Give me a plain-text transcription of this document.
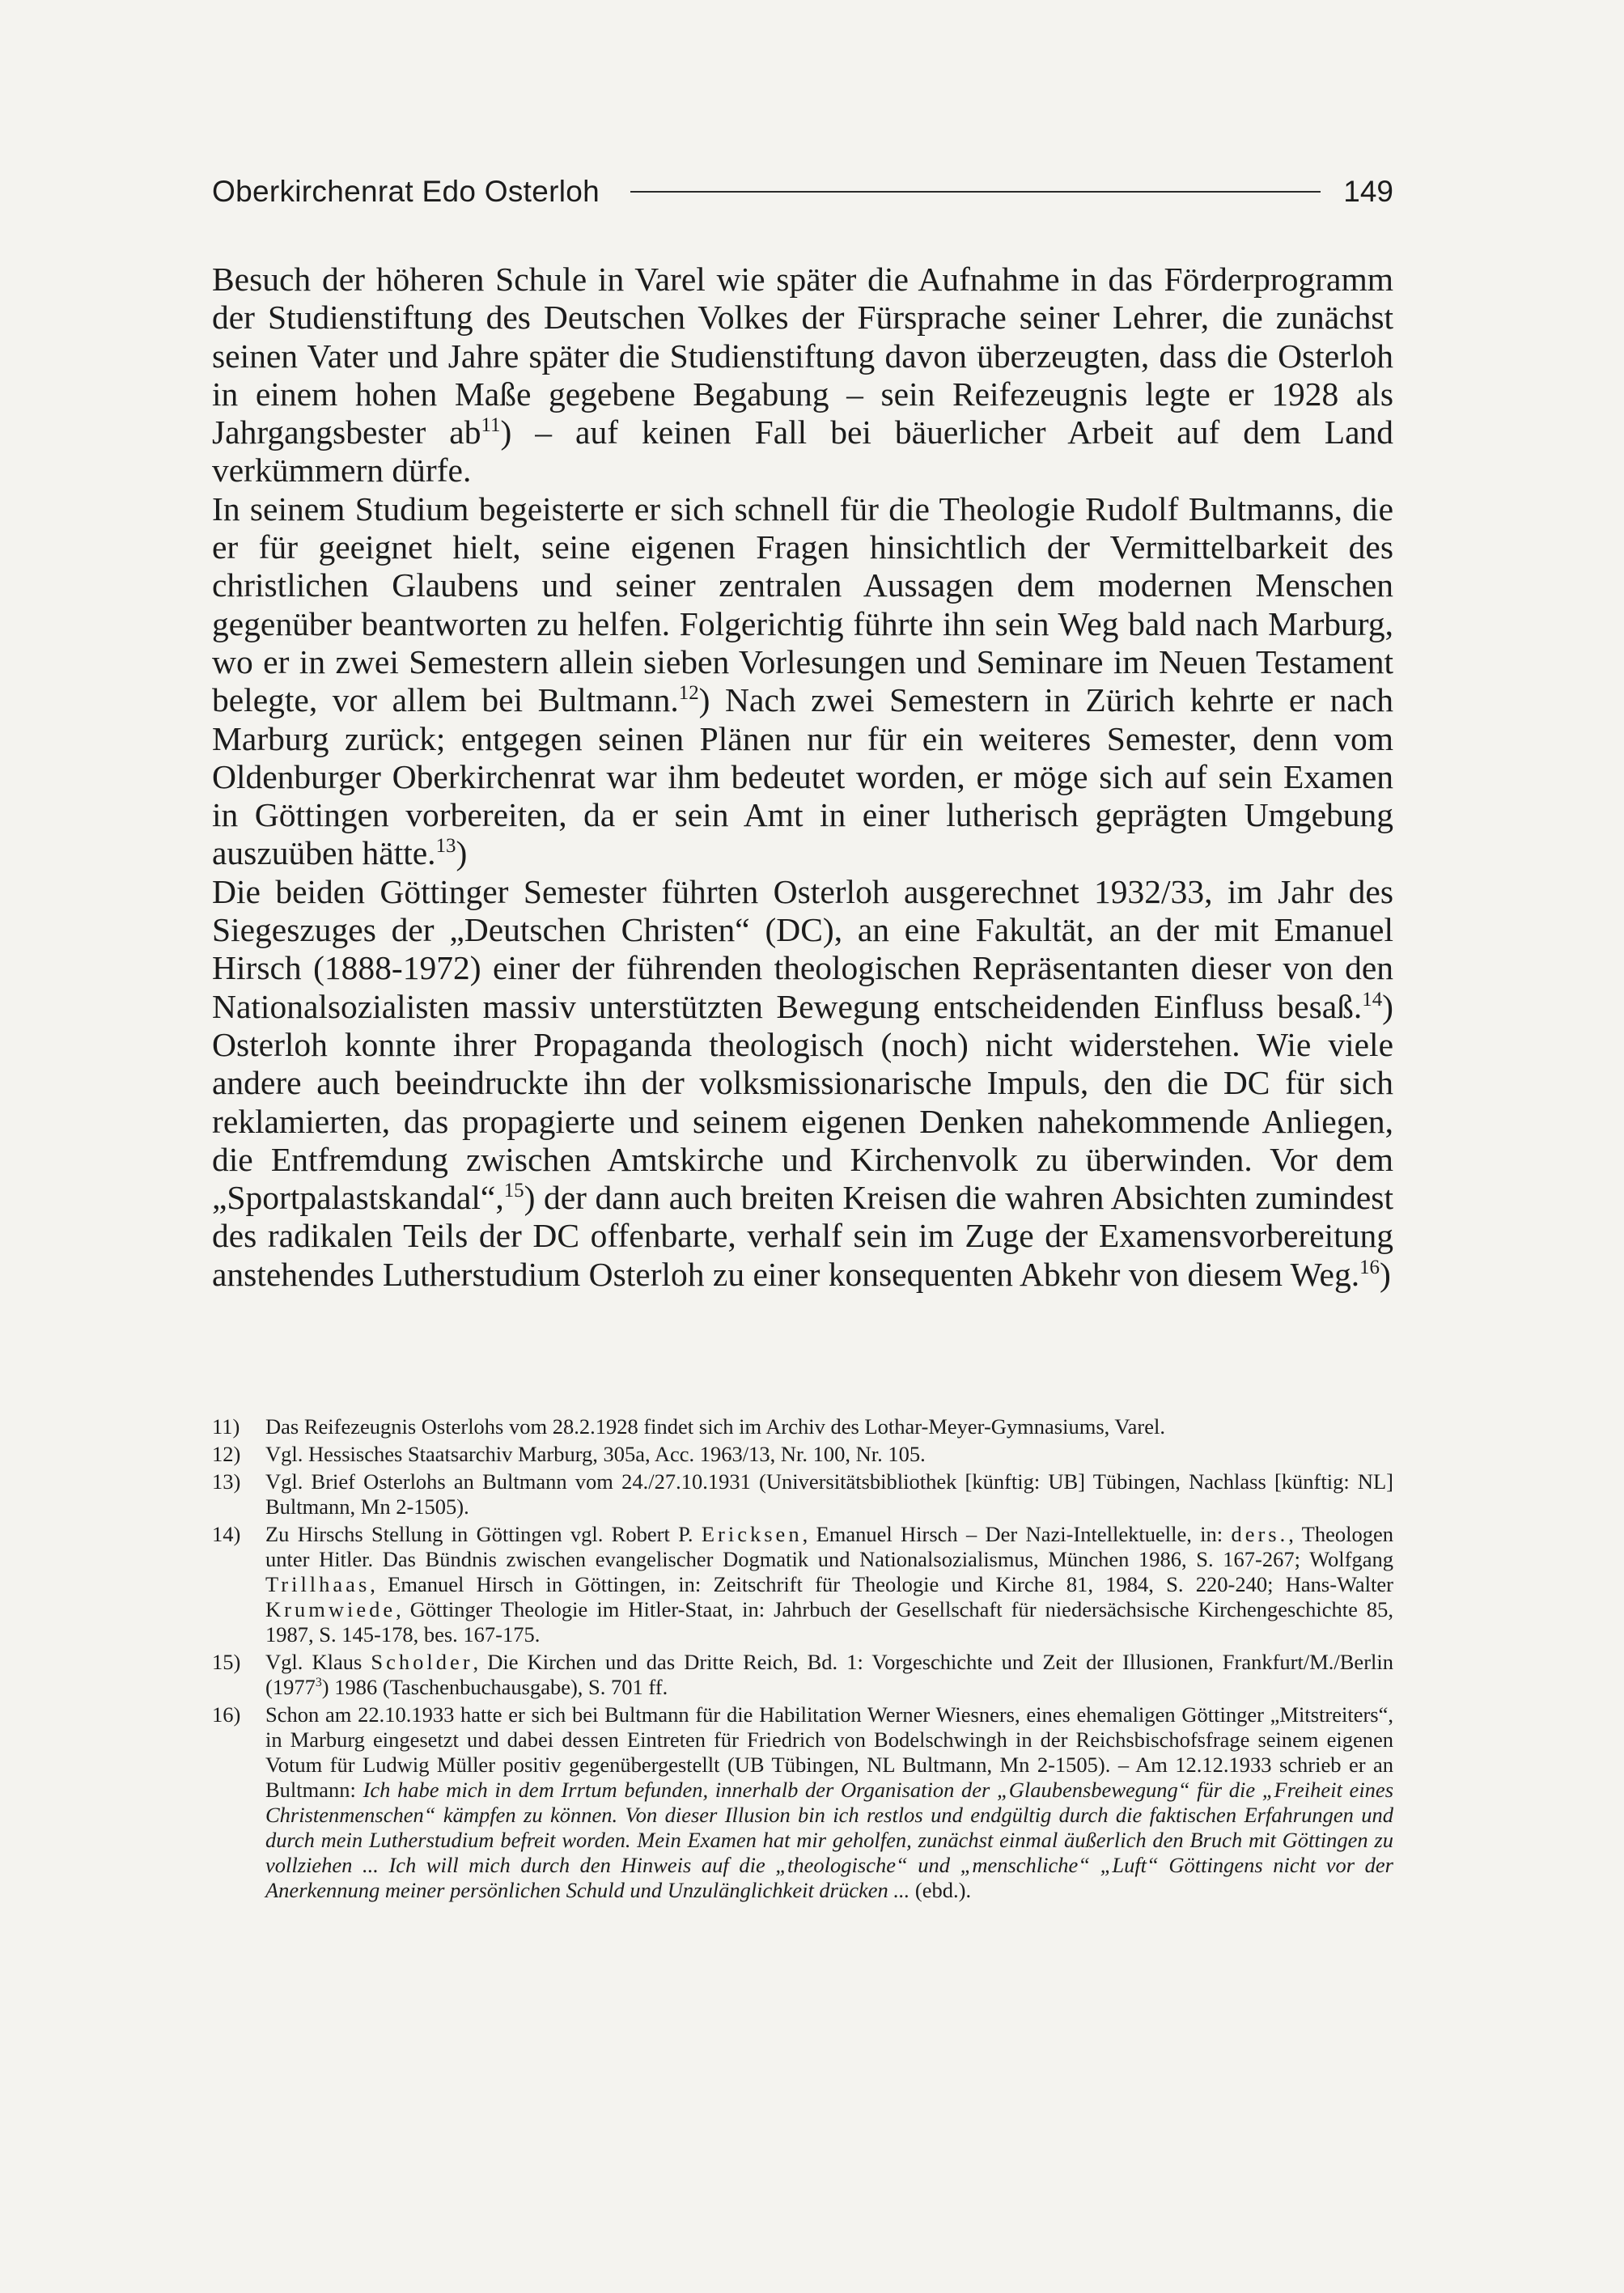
Oberkirchenrat Edo Osterloh	149

Besuch der höheren Schule in Varel wie später die Aufnahme in das Förderprogramm der Studienstiftung des Deutschen Volkes der Fürsprache seiner Lehrer, die zunächst seinen Vater und Jahre später die Studienstiftung davon überzeugten, dass die Osterloh in einem hohen Maße gegebene Begabung – sein Reifezeugnis legte er 1928 als Jahrgangsbester $ab^{11}$) – auf keinen Fall bei bäuerlicher Arbeit auf dem Land verkümmern dürfe.

In seinem Studium begeisterte er sich schnell für die Theologie Rudolf Bultmanns, die er für geeignet hielt, seine eigenen Fragen hinsichtlich der Vermittelbarkeit des christlichen Glaubens und seiner zentralen Aussagen dem modernen Menschen gegenüber beantworten zu helfen. Folgerichtig führte ihn sein Weg bald nach Marburg, wo er in zwei Semestern allein sieben Vorlesungen und Seminare im Neuen Testament belegte, vor allem bei Bultmann.$^{12}$) Nach zwei Semestern in Zürich kehrte er nach Marburg zurück; entgegen seinen Plänen nur für ein weiteres Semester, denn vom Oldenburger Oberkirchenrat war ihm bedeutet worden, er möge sich auf sein Examen in Göttingen vorbereiten, da er sein Amt in einer lutherisch geprägten Umgebung auszuüben hätte.$^{13}$)

Die beiden Göttinger Semester führten Osterloh ausgerechnet 1932/33, im Jahr des Siegeszuges der „Deutschen Christen“ (DC), an eine Fakultät, an der mit Emanuel Hirsch (1888-1972) einer der führenden theologischen Repräsentanten dieser von den Nationalsozialisten massiv unterstützten Bewegung entscheidenden Einfluss besaß.$^{14}$) Osterloh konnte ihrer Propaganda theologisch (noch) nicht widerstehen. Wie viele andere auch beeindruckte ihn der volksmissionarische Impuls, den die DC für sich reklamierten, das propagierte und seinem eigenen Denken nahekommende Anliegen, die Entfremdung zwischen Amtskirche und Kirchenvolk zu überwinden. Vor dem „Sportpalastskandal“,$^{15}$) der dann auch breiten Kreisen die wahren Absichten zumindest des radikalen Teils der DC offenbarte, verhalf sein im Zuge der Examensvorbereitung anstehendes Lutherstudium Osterloh zu einer konsequenten Abkehr von diesem Weg.$^{16}$)

11)	Das Reifezeugnis Osterlohs vom 28.2.1928 findet sich im Archiv des Lothar-Meyer-Gymnasiums, Varel.
12)	Vgl. Hessisches Staatsarchiv Marburg, 305a, Acc. 1963/13, Nr. 100, Nr. 105.
13)	Vgl. Brief Osterlohs an Bultmann vom 24./27.10.1931 (Universitätsbibliothek [künftig: UB] Tübingen, Nachlass [künftig: NL] Bultmann, Mn 2-1505).
14)	Zu Hirschs Stellung in Göttingen vgl. Robert P. Ericksen, Emanuel Hirsch – Der Nazi-Intellektuelle, in: ders., Theologen unter Hitler. Das Bündnis zwischen evangelischer Dogmatik und Nationalsozialismus, München 1986, S. 167-267; Wolfgang Trillhaas, Emanuel Hirsch in Göttingen, in: Zeitschrift für Theologie und Kirche 81, 1984, S. 220-240; Hans-Walter Krumwiede, Göttinger Theologie im Hitler-Staat, in: Jahrbuch der Gesellschaft für niedersächsische Kirchengeschichte 85, 1987, S. 145-178, bes. 167-175.
15)	Vgl. Klaus Scholder, Die Kirchen und das Dritte Reich, Bd. 1: Vorgeschichte und Zeit der Illusionen, Frankfurt/M./Berlin (1977$^3$) 1986 (Taschenbuchausgabe), S. 701 ff.
16)	Schon am 22.10.1933 hatte er sich bei Bultmann für die Habilitation Werner Wiesners, eines ehemaligen Göttinger „Mitstreiters“, in Marburg eingesetzt und dabei dessen Eintreten für Friedrich von Bodelschwingh in der Reichsbischofsfrage seinem eigenen Votum für Ludwig Müller positiv gegenübergestellt (UB Tübingen, NL Bultmann, Mn 2-1505). – Am 12.12.1933 schrieb er an Bultmann: Ich habe mich in dem Irrtum befunden, innerhalb der Organisation der „Glaubensbewegung“ für die „Freiheit eines Christenmenschen“ kämpfen zu können. Von dieser Illusion bin ich restlos und endgültig durch die faktischen Erfahrungen und durch mein Lutherstudium befreit worden. Mein Examen hat mir geholfen, zunächst einmal äußerlich den Bruch mit Göttingen zu vollziehen ... Ich will mich durch den Hinweis auf die „theologische“ und „menschliche“ „Luft“ Göttingens nicht vor der Anerkennung meiner persönlichen Schuld und Unzulänglichkeit drücken ... (ebd.).
